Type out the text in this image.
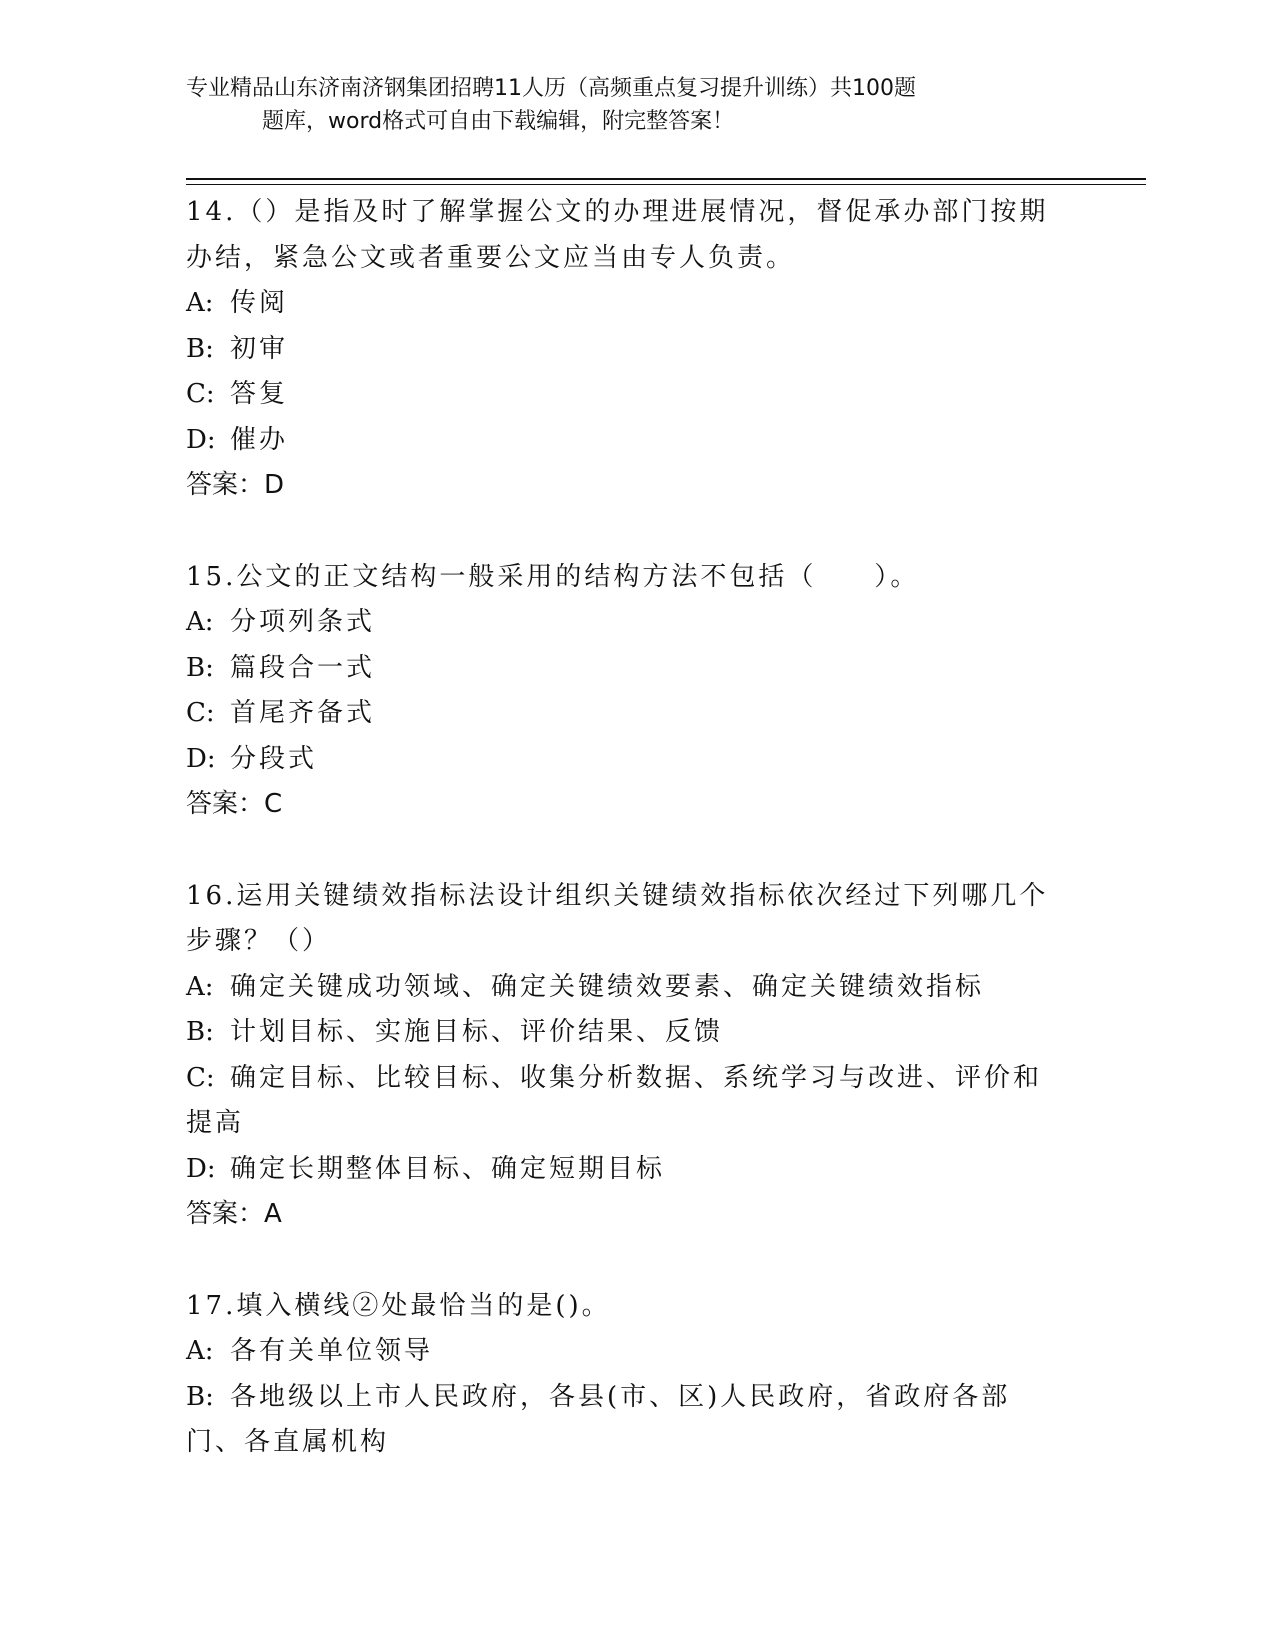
专业精品山东济南济钢集团招聘11人历（高频重点复习提升训练）共100题
题库，word格式可自由下载编辑，附完整答案！
14.（）是指及时了解掌握公文的办理进展情况，督促承办部门按期办结，紧急公文或者重要公文应当由专人负责。
A: 传阅
B: 初审
C: 答复
D: 催办
答案：D
15.公文的正文结构一般采用的结构方法不包括（　　）。
A: 分项列条式
B: 篇段合一式
C: 首尾齐备式
D: 分段式
答案：C
16.运用关键绩效指标法设计组织关键绩效指标依次经过下列哪几个步骤？（）
A: 确定关键成功领域、确定关键绩效要素、确定关键绩效指标
B: 计划目标、实施目标、评价结果、反馈
C: 确定目标、比较目标、收集分析数据、系统学习与改进、评价和提高
D: 确定长期整体目标、确定短期目标
答案：A
17.填入横线②处最恰当的是()。
A: 各有关单位领导
B: 各地级以上市人民政府，各县(市、区)人民政府，省政府各部门、各直属机构
